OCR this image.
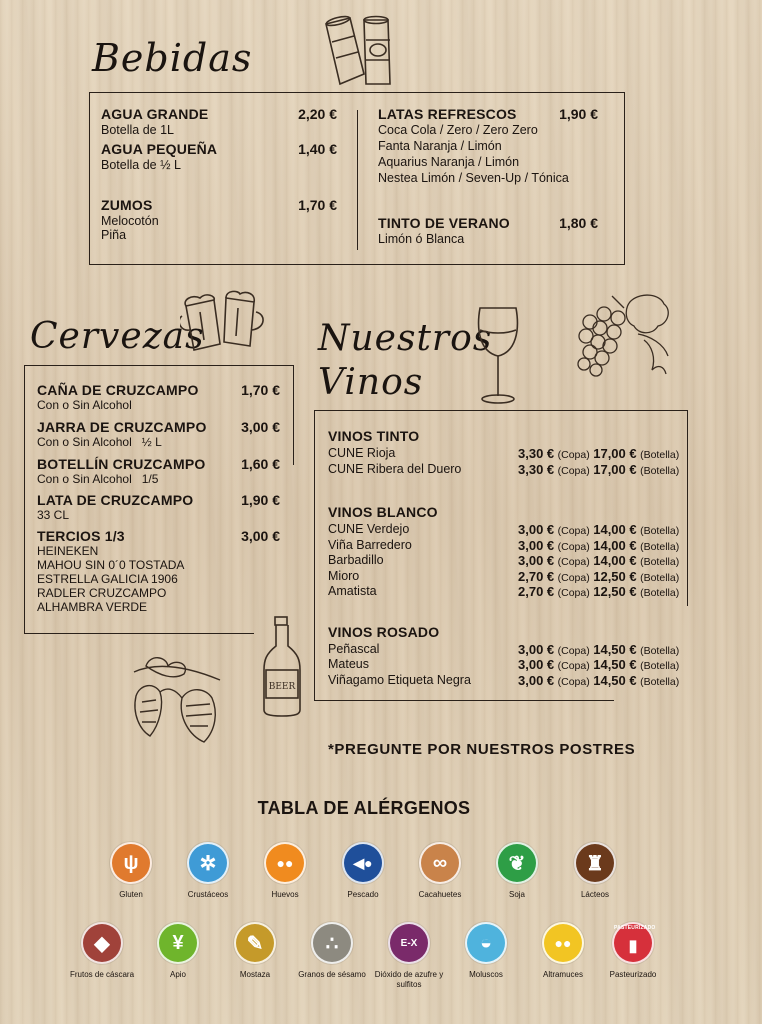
Bebidas
AGUA GRANDE	2,20 €
Botella de 1L
AGUA PEQUEÑA	1,40 €
Botella de ½ L
ZUMOS	1,70 €
Melocotón
Piña
LATAS REFRESCOS	1,90 €
Coca Cola / Zero / Zero Zero
Fanta Naranja / Limón
Aquarius Naranja / Limón
Nestea Limón / Seven-Up / Tónica
TINTO DE VERANO	1,80 €
Limón ó Blanca
Cervezas
CAÑA DE CRUZCAMPO	1,70 €
Con o Sin Alcohol
JARRA DE CRUZCAMPO	3,00 €
Con o Sin Alcohol   ½ L
BOTELLÍN CRUZCAMPO	1,60 €
Con o Sin Alcohol   1/5
LATA DE CRUZCAMPO	1,90 €
33 CL
TERCIOS 1/3	3,00 €
HEINEKEN
MAHOU SIN 0´0 TOSTADA
ESTRELLA GALICIA 1906
RADLER CRUZCAMPO
ALHAMBRA VERDE
BEER
Nuestros
Vinos
VINOS TINTO
CUNE Rioja	3,30 € (Copa) 17,00 € (Botella)
CUNE Ribera del Duero	3,30 € (Copa) 17,00 € (Botella)
VINOS BLANCO
CUNE Verdejo	3,00 € (Copa) 14,00 € (Botella)
Viña Barredero	3,00 € (Copa) 14,00 € (Botella)
Barbadillo	3,00 € (Copa) 14,00 € (Botella)
Mioro	2,70 € (Copa) 12,50 € (Botella)
Amatista	2,70 € (Copa) 12,50 € (Botella)
VINOS ROSADO
Peñascal	3,00 € (Copa) 14,50 € (Botella)
Mateus	3,00 € (Copa) 14,50 € (Botella)
Viñagamo Etiqueta Negra	3,00 € (Copa) 14,50 € (Botella)
*PREGUNTE POR NUESTROS POSTRES
TABLA DE ALÉRGENOS
ψ
Gluten
✲
Crustáceos
●●
Huevos
◀●
Pescado
∞
Cacahuetes
❦
Soja
♜
Lácteos
◆
Frutos de cáscara
¥
Apio
✎
Mostaza
∴
Granos de sésamo
E-X
Dióxido de azufre y sulfitos
◒
Moluscos
●●
Altramuces
PASTEURIZADO
▮
Pasteurizado
